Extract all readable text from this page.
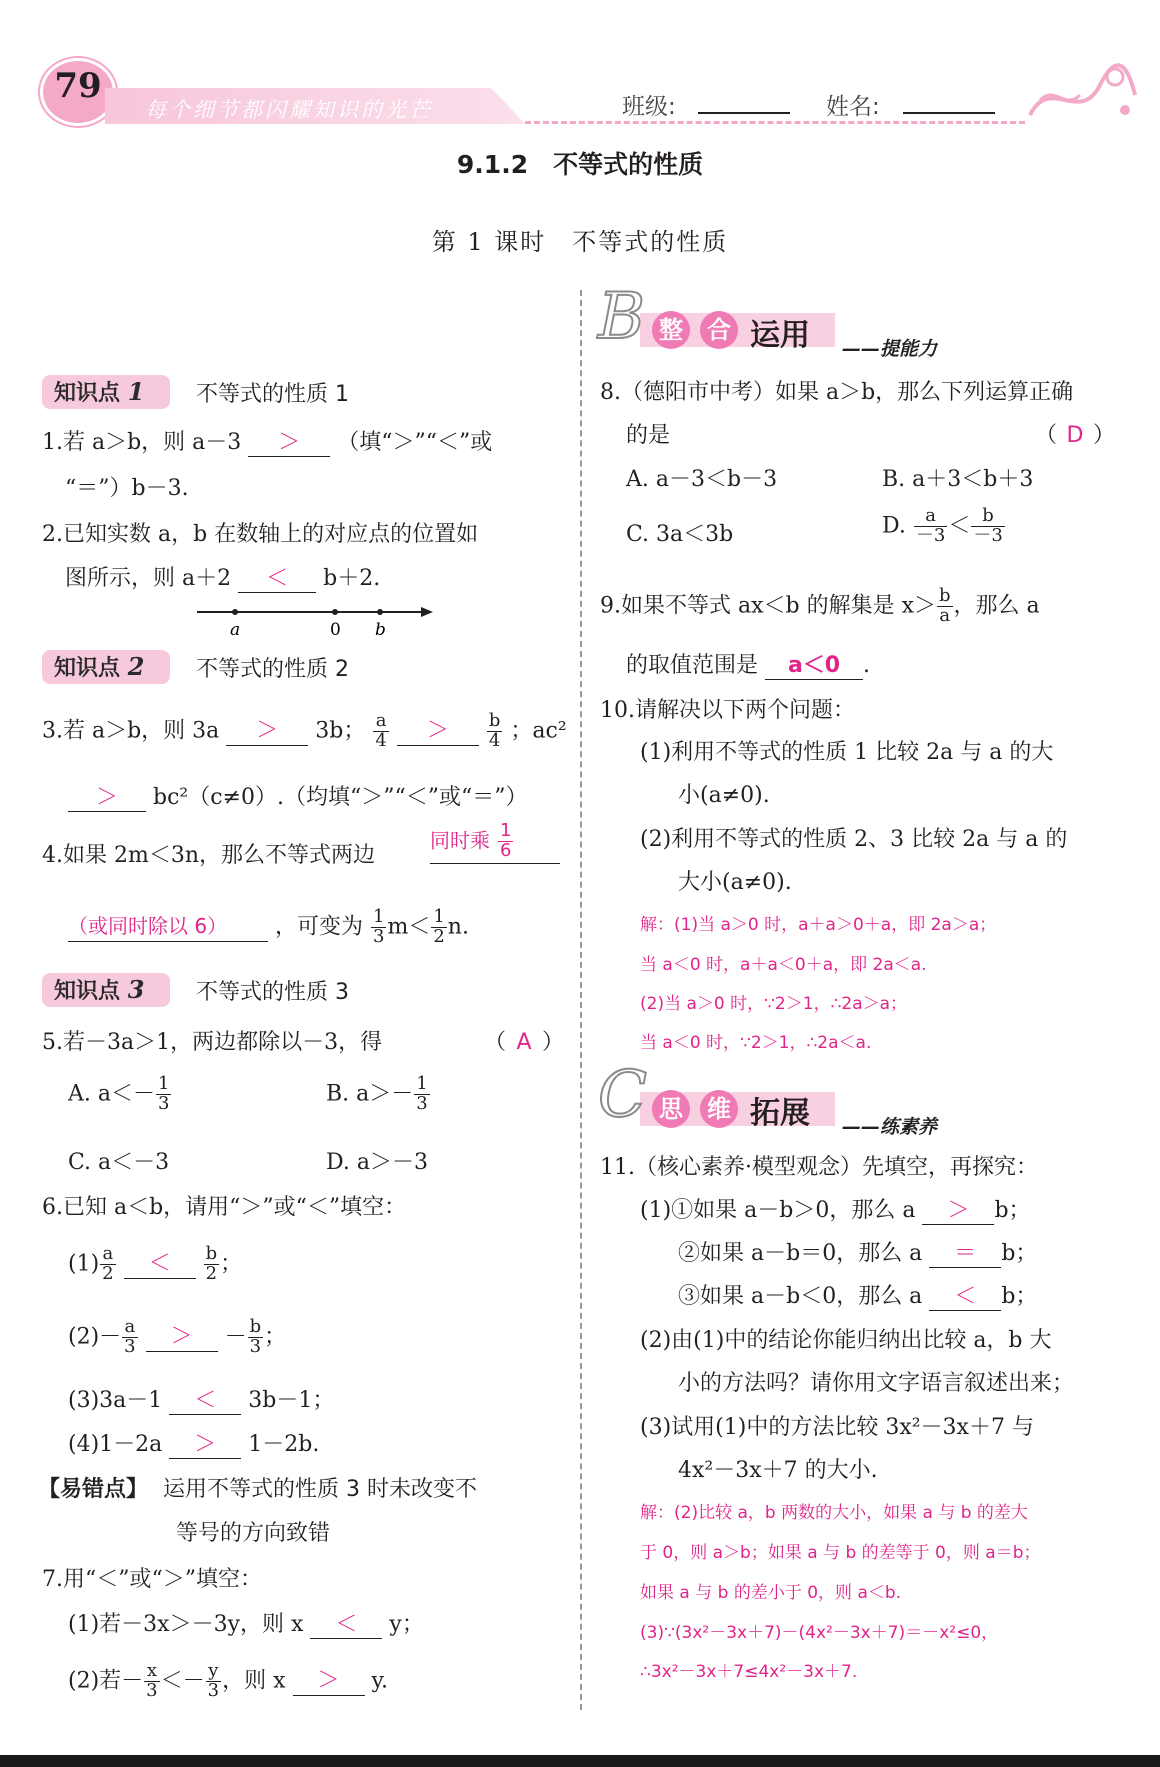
79
每个细节都闪耀知识的光芒	班级:	姓名:
9.1.2　不等式的性质
第 1 课时　不等式的性质
知识点 1	不等式的性质 1
1.若 a＞b，则 a－3 ＞ （填“＞”“＜”或
“＝”）b－3.
2.已知实数 a，b 在数轴上的对应点的位置如
图所示，则 a＋2 ＜ b＋2.
a	0 b
知识点 2	不等式的性质 2
3.若 a＞b，则 3a ＞ 3b； $\frac{a}{4} > \frac{b}{4}$ ；ac²
＞ bc²（c≠0）.（均填“＞”“＜”或“＝”）
4.如果 2m＜3n，那么不等式两边
同时乘 $\frac{1}{6}$
（或同时除以 6） ，可变为 $\frac{1}{3} m< \frac{1}{2} n$.
知识点 3	不等式的性质 3
5.若－3a＞1，两边都除以－3，得	（ A ）
A. $a<- \frac{1}{3}$	B. $a>- \frac{1}{3}$
C. a＜－3	D. a＞－3
6.已知 a＜b，请用“＞”或“＜”填空：
$(1) \frac{a}{2} < \frac{b}{2}$ ；
$(2)- \frac{a}{3}$ ＞ － $\frac{b}{3}$ ；
(3)3a－1 ＜ 3b－1；
(4)1－2a ＞ 1－2b.
【易错点】 运用不等式的性质 3 时未改变不
等号的方向致错
7.用“＜”或“＞”填空：
(1)若－3x＞－3y，则 x ＜ y；
(2)若－ $\frac{x}{3} <- \frac{y}{3}$ ，则 x ＞ y.
B 整 合 运用 ——提能力
8.（德阳市中考）如果 a＞b，那么下列运算正确
的是	（ D ）
A. a－3＜b－3	B. a＋3＜b＋3
C. 3a＜3b	D. $\frac{a}{-3} < \frac{b}{-3}$
9.如果不等式 ax＜b 的解集是 $x> \frac{b}{a}$ ，那么 a
的取值范围是 a＜0 .
10.请解决以下两个问题：
(1)利用不等式的性质 1 比较 2a 与 a 的大
小(a≠0).
(2)利用不等式的性质 2、3 比较 2a 与 a 的
大小(a≠0).
解：(1)当 a＞0 时，a＋a＞0＋a，即 2a＞a；
当 a＜0 时，a＋a＜0＋a，即 2a＜a.
(2)当 a＞0 时，∵2＞1，∴2a＞a；
当 a＜0 时，∵2＞1，∴2a＜a.
C 思 维 拓展 ——练素养
11.（核心素养·模型观念）先填空，再探究：
(1)①如果 a－b＞0，那么 a ＞ b；
②如果 a－b＝0，那么 a ＝ b；
③如果 a－b＜0，那么 a ＜ b；
(2)由(1)中的结论你能归纳出比较 a，b 大
小的方法吗？请你用文字语言叙述出来；
(3)试用(1)中的方法比较 3x²－3x＋7 与
4x²－3x＋7 的大小.
解：(2)比较 a，b 两数的大小，如果 a 与 b 的差大
于 0，则 a＞b；如果 a 与 b 的差等于 0，则 a＝b；
如果 a 与 b 的差小于 0，则 a＜b.
(3)∵(3x²－3x＋7)－(4x²－3x＋7)＝－x²≤0，
∴3x²－3x＋7≤4x²－3x＋7.
